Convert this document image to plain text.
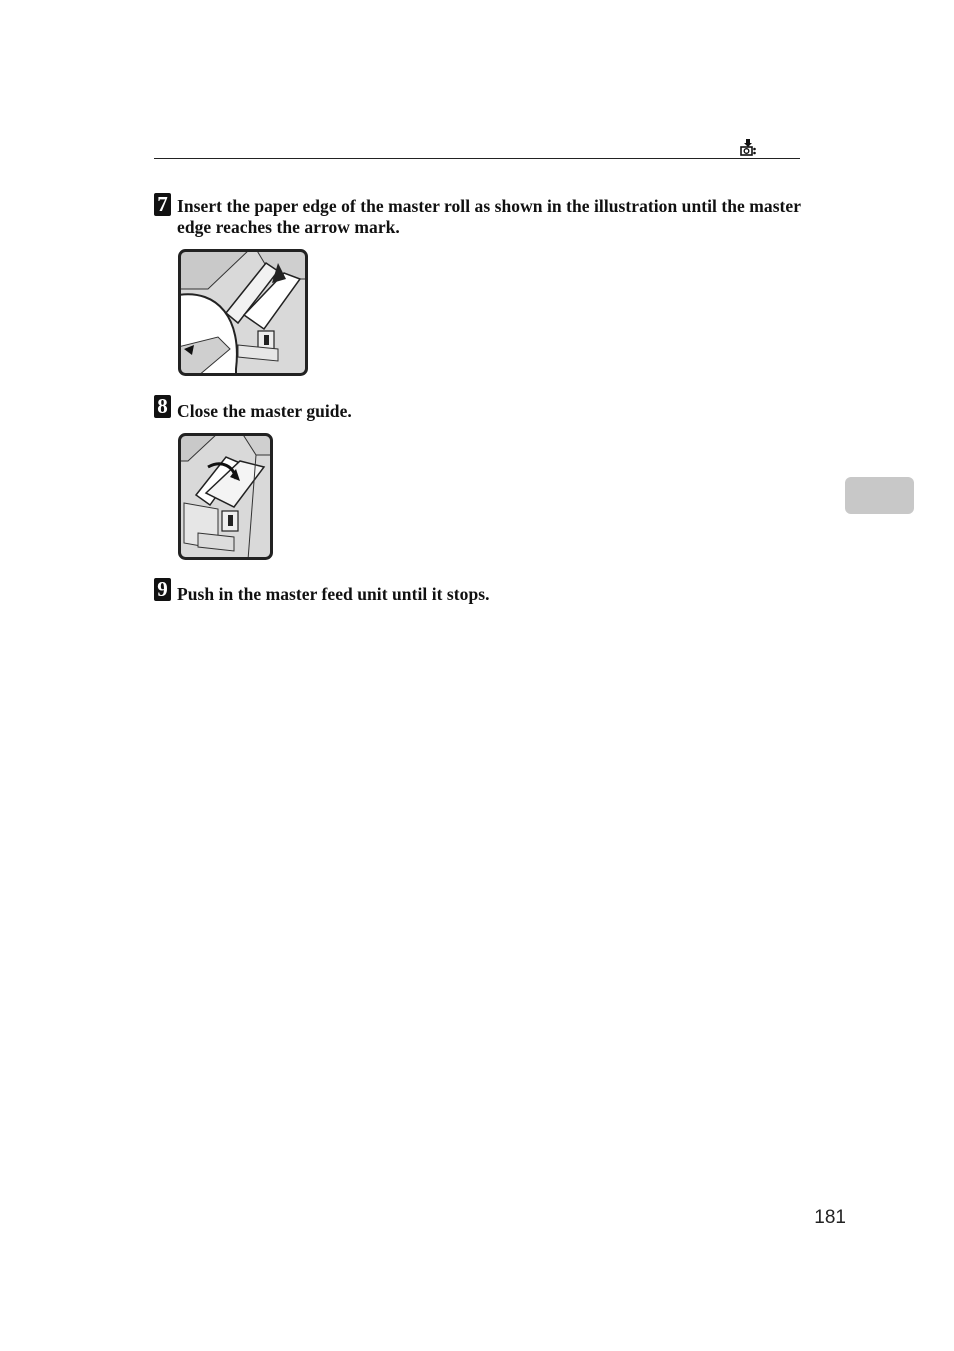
7 Insert the paper edge of the master roll as shown in the illustration until the master edge reaches the arrow mark.
8 Close the master guide.
9 Push in the master feed unit until it stops.
181
